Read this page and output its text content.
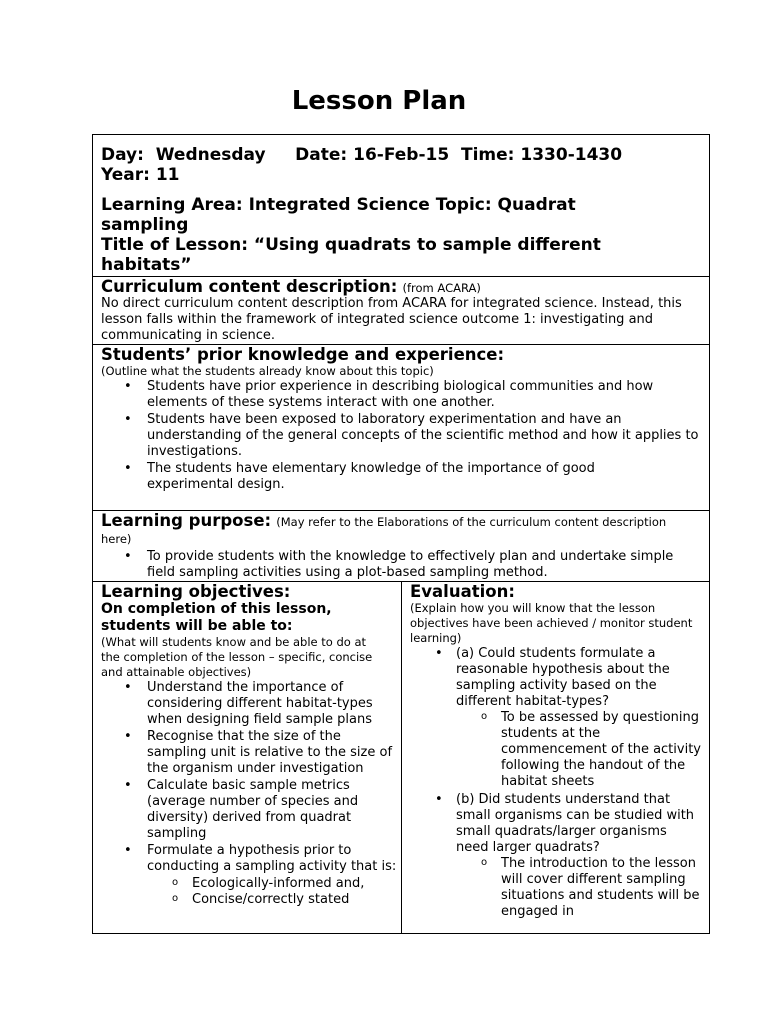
Lesson Plan
Day:  Wednesday     Date: 16-Feb-15  Time: 1330-1430
Year: 11
Learning Area: Integrated Science Topic: Quadrat sampling
Title of Lesson: “Using quadrats to sample different habitats”
Curriculum content description: (from ACARA)
No direct curriculum content description from ACARA for integrated science. Instead, this lesson falls within the framework of integrated science outcome 1: investigating and communicating in science.
Students’ prior knowledge and experience:
(Outline what the students already know about this topic)
• Students have prior experience in describing biological communities and how elements of these systems interact with one another.
• Students have been exposed to laboratory experimentation and have an understanding of the general concepts of the scientific method and how it applies to investigations.
• The students have elementary knowledge of the importance of good experimental design.
Learning purpose: (May refer to the Elaborations of the curriculum content description here)
• To provide students with the knowledge to effectively plan and undertake simple field sampling activities using a plot-based sampling method.
Learning objectives:
On completion of this lesson, students will be able to:
(What will students know and be able to do at the completion of the lesson – specific, concise and attainable objectives)
• Understand the importance of considering different habitat-types when designing field sample plans
• Recognise that the size of the sampling unit is relative to the size of the organism under investigation
• Calculate basic sample metrics (average number of species and diversity) derived from quadrat sampling
• Formulate a hypothesis prior to conducting a sampling activity that is:
o Ecologically-informed and,
o Concise/correctly stated
Evaluation:
(Explain how you will know that the lesson objectives have been achieved / monitor student learning)
• (a) Could students formulate a reasonable hypothesis about the sampling activity based on the different habitat-types?
o To be assessed by questioning students at the commencement of the activity following the handout of the habitat sheets
• (b) Did students understand that small organisms can be studied with small quadrats/larger organisms need larger quadrats?
o The introduction to the lesson will cover different sampling situations and students will be engaged in
